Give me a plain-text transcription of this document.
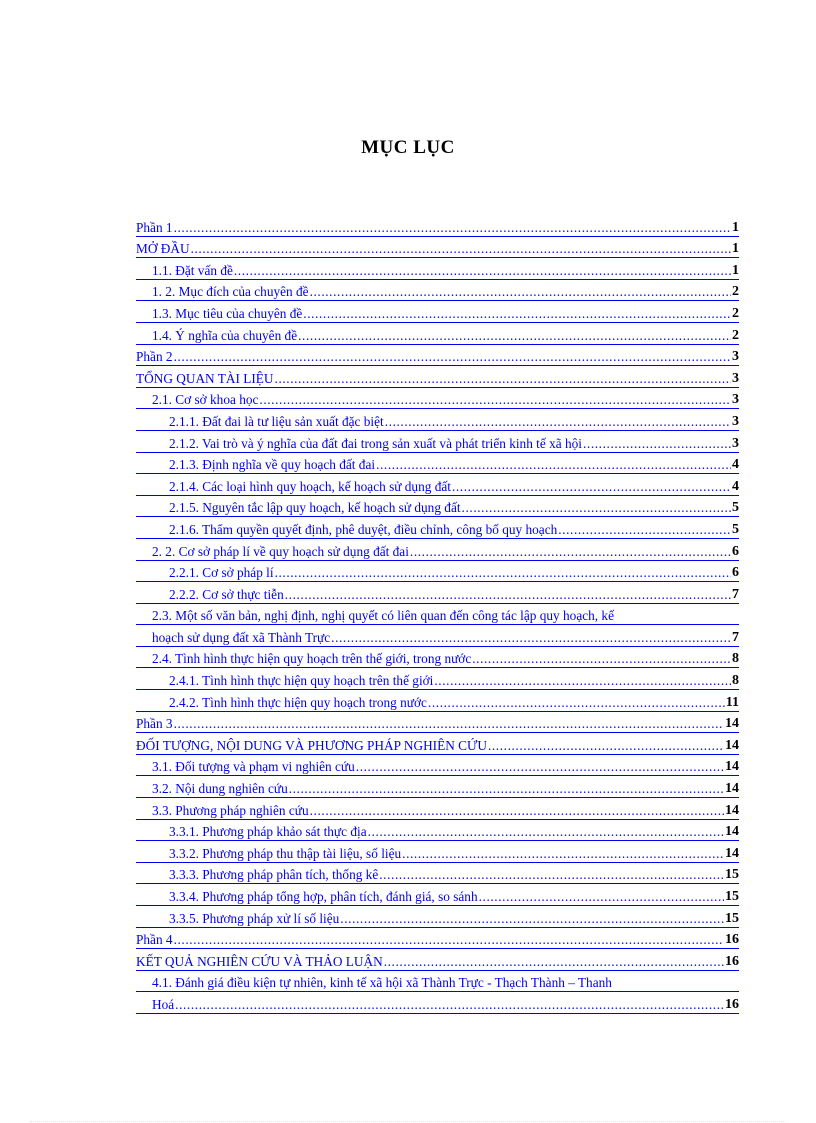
MỤC LỤC
Phần 1 .....	1
MỞ ĐẦU .....	1
1.1. Đặt vấn đề .....	1
1. 2. Mục đích của chuyên đề .....	2
1.3. Mục tiêu của chuyên đề .....	2
1.4. Ý nghĩa của chuyên đề .....	2
Phần 2 .....	3
TỔNG QUAN TÀI LIỆU .....	3
2.1. Cơ sở khoa học .....	3
2.1.1. Đất đai là tư liệu sản xuất đặc biệt .....	3
2.1.2. Vai trò và ý nghĩa của đất đai trong sản xuất và phát triển kinh tế xã hội .....	3
2.1.3. Định nghĩa về quy hoạch đất đai .....	4
2.1.4. Các loại hình quy hoạch, kế hoạch sử dụng đất .....	4
2.1.5. Nguyên tắc lập quy hoạch, kế hoạch sử dụng đất .....	5
2.1.6. Thẩm quyền quyết định, phê duyệt, điều chỉnh, công bố quy hoạch .....	5
2. 2. Cơ sở pháp lí về quy hoạch sử dụng đất đai .....	6
2.2.1. Cơ sở pháp lí .....	6
2.2.2. Cơ sở thực tiễn .....	7
2.3. Một số văn bản, nghị định, nghị quyết có liên quan đến công tác lập quy hoạch, kế
hoạch sử dụng đất xã Thành Trực .....	7
2.4. Tình hình thực hiện quy hoạch trên thế giới, trong nước .....	8
2.4.1. Tình hình thực hiện quy hoạch trên thế giới .....	8
2.4.2. Tình hình thực hiện quy hoạch trong nước .....	11
Phần 3 .....	14
ĐỐI TƯỢNG, NỘI DUNG VÀ PHƯƠNG PHÁP NGHIÊN CỨU .....	14
3.1. Đối tượng và phạm vi nghiên cứu .....	14
3.2. Nội dung nghiên cứu .....	14
3.3. Phương pháp nghiên cứu .....	14
3.3.1. Phương pháp khảo sát thực địa .....	14
3.3.2. Phương pháp thu thập tài liệu, số liệu .....	14
3.3.3. Phương pháp phân tích, thống kê .....	15
3.3.4. Phương pháp tổng hợp, phân tích, đánh giá, so sánh .....	15
3.3.5. Phương pháp xử lí số liệu .....	15
Phần 4 .....	16
KẾT QUẢ NGHIÊN CỨU VÀ THẢO LUẬN .....	16
4.1. Đánh giá điều kiện tự nhiên, kinh tế xã hội xã Thành Trực - Thạch Thành – Thanh
Hoá .....	16
